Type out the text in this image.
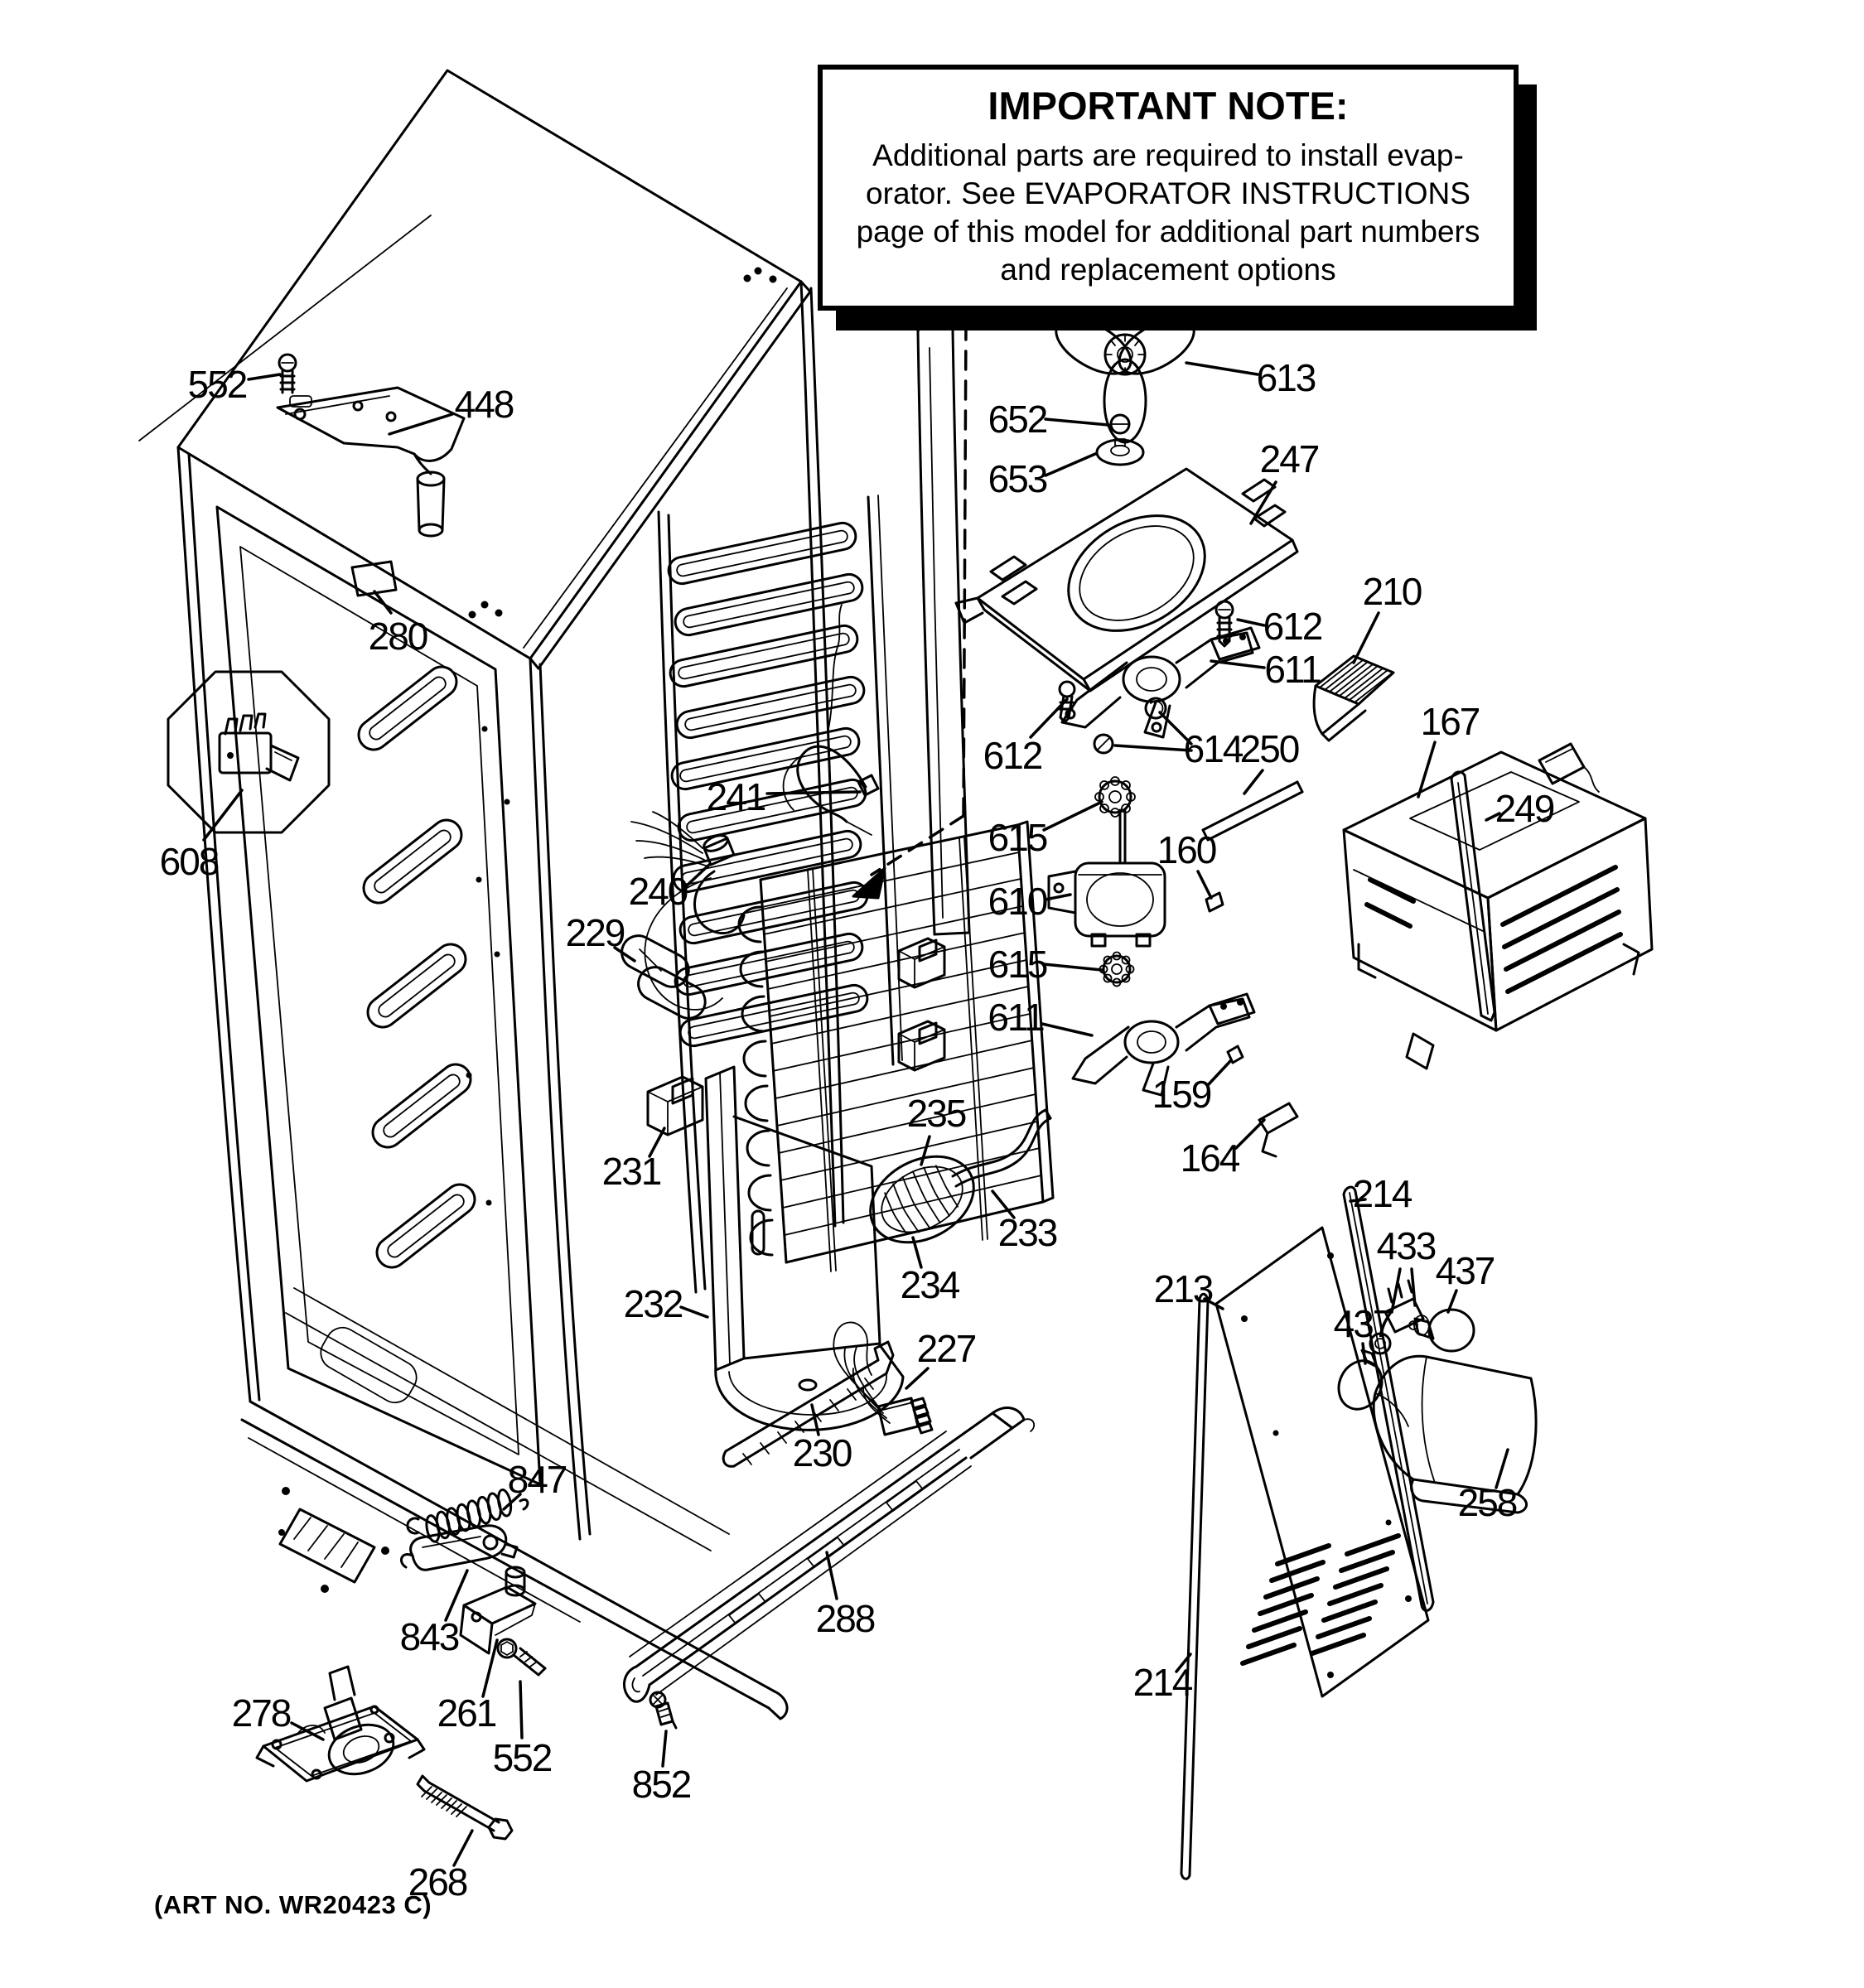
552	448
280
608
613
652
653	247
612
611
612	614
250
615	160
610
615
611
210
167
249
159
164
241
240
229
231
232
235
234
233
230
227
288
847
843
261
552
852
278
268
213
214
433
437
437
258
214
IMPORTANT NOTE:
Additional parts are required to install evap-
orator. See EVAPORATOR INSTRUCTIONS
page of this model for additional part numbers
and replacement options
(ART NO. WR20423 C)
